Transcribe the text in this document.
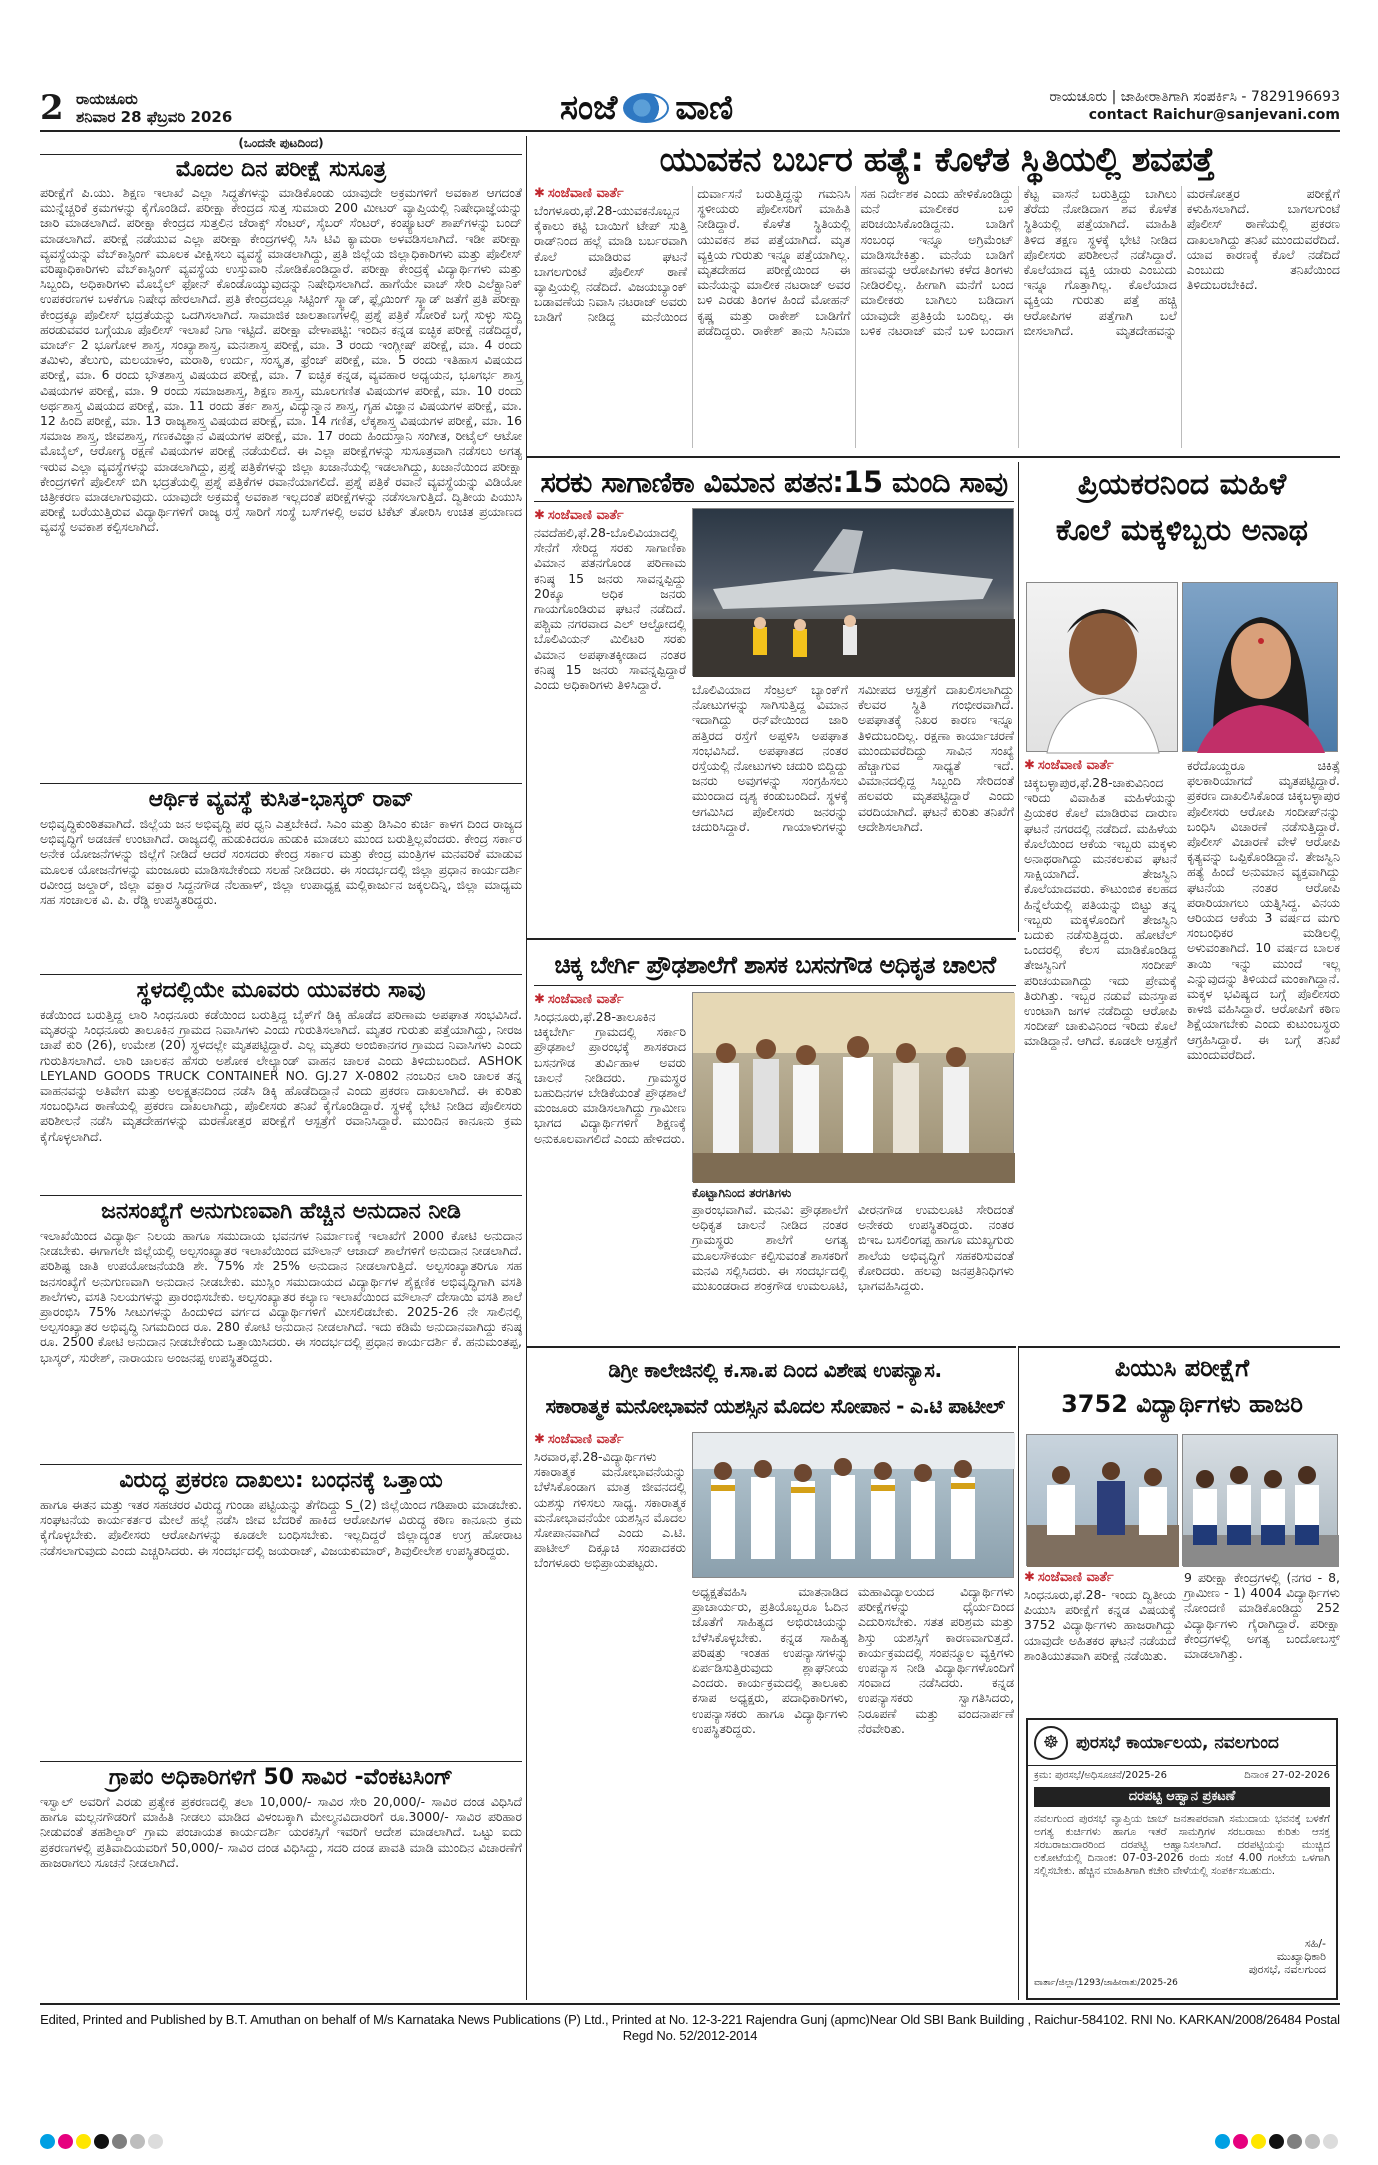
2 ರಾಯಚೂರು
ಶನಿವಾರ 28 ಫೆಬ್ರವರಿ 2026	ಸಂಜೆ ವಾಣಿ	ರಾಯಚೂರು | ಜಾಹೀರಾತಿಗಾಗಿ ಸಂಪರ್ಕಿಸಿ - 7829196693
contact Raichur@sanjevani.com
(ಒಂದನೇ ಪುಟದಿಂದ)
ಮೊದಲ ದಿನ ಪರೀಕ್ಷೆ ಸುಸೂತ್ರ
ಪರೀಕ್ಷೆಗೆ ಪಿ.ಯು. ಶಿಕ್ಷಣ ಇಲಾಖೆ ಎಲ್ಲಾ ಸಿದ್ಧತೆಗಳನ್ನು ಮಾಡಿಕೊಂಡು ಯಾವುದೇ ಅಕ್ರಮಗಳಿಗೆ ಅವಕಾಶ ಆಗದಂತೆ ಮುನ್ನೆಚ್ಚರಿಕೆ ಕ್ರಮಗಳನ್ನು ಕೈಗೊಂಡಿದೆ. ಪರೀಕ್ಷಾ ಕೇಂದ್ರದ ಸುತ್ತ ಸುಮಾರು 200 ಮೀಟರ್ ವ್ಯಾಪ್ತಿಯಲ್ಲಿ ನಿಷೇಧಾಜ್ಞೆಯನ್ನು ಜಾರಿ ಮಾಡಲಾಗಿದೆ. ಪರೀಕ್ಷಾ ಕೇಂದ್ರದ ಸುತ್ತಲಿನ ಜೆರಾಕ್ಸ್ ಸೆಂಟರ್, ಸೈಬರ್ ಸೆಂಟರ್, ಕಂಪ್ಯೂಟರ್ ಶಾಪ್‌ಗಳನ್ನು ಬಂದ್ ಮಾಡಲಾಗಿದೆ. ಪರೀಕ್ಷೆ ನಡೆಯುವ ಎಲ್ಲಾ ಪರೀಕ್ಷಾ ಕೇಂದ್ರಗಳಲ್ಲಿ ಸಿಸಿ ಟಿವಿ ಕ್ಯಾಮರಾ ಅಳವಡಿಸಲಾಗಿದೆ. ಇಡೀ ಪರೀಕ್ಷಾ ವ್ಯವಸ್ಥೆಯನ್ನು ವೆಬ್‌ಕಾಸ್ಟಿಂಗ್ ಮೂಲಕ ವೀಕ್ಷಿಸಲು ವ್ಯವಸ್ಥೆ ಮಾಡಲಾಗಿದ್ದು, ಪ್ರತಿ ಜಿಲ್ಲೆಯ ಜಿಲ್ಲಾಧಿಕಾರಿಗಳು ಮತ್ತು ಪೊಲೀಸ್ ವರಿಷ್ಠಾಧಿಕಾರಿಗಳು ವೆಬ್‌ಕಾಸ್ಟಿಂಗ್ ವ್ಯವಸ್ಥೆಯ ಉಸ್ತುವಾರಿ ನೋಡಿಕೊಂಡಿದ್ದಾರೆ. ಪರೀಕ್ಷಾ ಕೇಂದ್ರಕ್ಕೆ ವಿದ್ಯಾರ್ಥಿಗಳು ಮತ್ತು ಸಿಬ್ಬಂದಿ, ಅಧಿಕಾರಿಗಳು ಮೊಬೈಲ್ ಫೋನ್ ಕೊಂಡೊಯ್ಯುವುದನ್ನು ನಿಷೇಧಿಸಲಾಗಿದೆ. ಹಾಗೆಯೇ ವಾಚ್ ಸೇರಿ ಎಲೆಕ್ಟ್ರಾನಿಕ್ ಉಪಕರಣಗಳ ಬಳಕೆಗೂ ನಿಷೇಧ ಹೇರಲಾಗಿದೆ. ಪ್ರತಿ ಕೇಂದ್ರದಲ್ಲೂ ಸಿಟ್ಟಿಂಗ್ ಸ್ಕ್ವಾಡ್, ಫ್ಲೈಯಿಂಗ್ ಸ್ಕ್ವಾಡ್ ಜತೆಗೆ ಪ್ರತಿ ಪರೀಕ್ಷಾ ಕೇಂದ್ರಕ್ಕೂ ಪೊಲೀಸ್ ಭದ್ರತೆಯನ್ನು ಒದಗಿಸಲಾಗಿದೆ. ಸಾಮಾಜಿಕ ಜಾಲತಾಣಗಳಲ್ಲಿ ಪ್ರಶ್ನೆ ಪತ್ರಿಕೆ ಸೋರಿಕೆ ಬಗ್ಗೆ ಸುಳ್ಳು ಸುದ್ದಿ ಹರಡುವವರ ಬಗ್ಗೆಯೂ ಪೊಲೀಸ್ ಇಲಾಖೆ ನಿಗಾ ಇಟ್ಟಿದೆ. ಪರೀಕ್ಷಾ ವೇಳಾಪಟ್ಟಿ: ಇಂದಿನ ಕನ್ನಡ ಐಚ್ಛಿಕ ಪರೀಕ್ಷೆ ನಡೆದಿದ್ದರೆ, ಮಾರ್ಚ್ 2 ಭೂಗೋಳ ಶಾಸ್ತ್ರ, ಸಂಖ್ಯಾಶಾಸ್ತ್ರ, ಮನಃಶಾಸ್ತ್ರ ಪರೀಕ್ಷೆ, ಮಾ. 3 ರಂದು ಇಂಗ್ಲೀಷ್ ಪರೀಕ್ಷೆ, ಮಾ. 4 ರಂದು ತಮಿಳು, ತೆಲುಗು, ಮಲಯಾಳಂ, ಮರಾಠಿ, ಉರ್ದು, ಸಂಸ್ಕೃತ, ಫ್ರೆಂಚ್ ಪರೀಕ್ಷೆ, ಮಾ. 5 ರಂದು ಇತಿಹಾಸ ವಿಷಯದ ಪರೀಕ್ಷೆ, ಮಾ. 6 ರಂದು ಭೌತಶಾಸ್ತ್ರ ವಿಷಯದ ಪರೀಕ್ಷೆ, ಮಾ. 7 ಐಚ್ಛಿಕ ಕನ್ನಡ, ವ್ಯವಹಾರ ಅಧ್ಯಯನ, ಭೂಗರ್ಭ ಶಾಸ್ತ್ರ ವಿಷಯಗಳ ಪರೀಕ್ಷೆ, ಮಾ. 9 ರಂದು ಸಮಾಜಶಾಸ್ತ್ರ, ಶಿಕ್ಷಣ ಶಾಸ್ತ್ರ, ಮೂಲಗಣಿತ ವಿಷಯಗಳ ಪರೀಕ್ಷೆ, ಮಾ. 10 ರಂದು ಅರ್ಥಶಾಸ್ತ್ರ ವಿಷಯದ ಪರೀಕ್ಷೆ, ಮಾ. 11 ರಂದು ತರ್ಕ ಶಾಸ್ತ್ರ, ವಿದ್ಯುನ್ಮಾನ ಶಾಸ್ತ್ರ, ಗೃಹ ವಿಜ್ಞಾನ ವಿಷಯಗಳ ಪರೀಕ್ಷೆ, ಮಾ. 12 ಹಿಂದಿ ಪರೀಕ್ಷೆ, ಮಾ. 13 ರಾಜ್ಯಶಾಸ್ತ್ರ ವಿಷಯದ ಪರೀಕ್ಷೆ, ಮಾ. 14 ಗಣಿತ, ಲೆಕ್ಕಶಾಸ್ತ್ರ ವಿಷಯಗಳ ಪರೀಕ್ಷೆ, ಮಾ. 16 ಸಮಾಜ ಶಾಸ್ತ್ರ, ಜೀವಶಾಸ್ತ್ರ, ಗಣಕವಿಜ್ಞಾನ ವಿಷಯಗಳ ಪರೀಕ್ಷೆ, ಮಾ. 17 ರಂದು ಹಿಂದುಸ್ತಾನಿ ಸಂಗೀತ, ರೀಟೈಲ್ ಆಟೋ ಮೊಬೈಲ್, ಆರೋಗ್ಯ ರಕ್ಷಣೆ ವಿಷಯಗಳ ಪರೀಕ್ಷೆ ನಡೆಯಲಿದೆ. ಈ ಎಲ್ಲಾ ಪರೀಕ್ಷೆಗಳನ್ನು ಸುಸೂತ್ರವಾಗಿ ನಡೆಸಲು ಅಗತ್ಯ ಇರುವ ಎಲ್ಲಾ ವ್ಯವಸ್ಥೆಗಳನ್ನು ಮಾಡಲಾಗಿದ್ದು, ಪ್ರಶ್ನೆ ಪತ್ರಿಕೆಗಳನ್ನು ಜಿಲ್ಲಾ ಖಜಾನೆಯಲ್ಲಿ ಇಡಲಾಗಿದ್ದು, ಖಜಾನೆಯಿಂದ ಪರೀಕ್ಷಾ ಕೇಂದ್ರಗಳಿಗೆ ಪೊಲೀಸ್ ಬಿಗಿ ಭದ್ರತೆಯಲ್ಲಿ ಪ್ರಶ್ನೆ ಪತ್ರಿಕೆಗಳ ರವಾನೆಯಾಗಲಿದೆ. ಪ್ರಶ್ನೆ ಪತ್ರಿಕೆ ರವಾನೆ ವ್ಯವಸ್ಥೆಯನ್ನು ವಿಡಿಯೋ ಚಿತ್ರೀಕರಣ ಮಾಡಲಾಗುವುದು. ಯಾವುದೇ ಅಕ್ರಮಕ್ಕೆ ಅವಕಾಶ ಇಲ್ಲದಂತೆ ಪರೀಕ್ಷೆಗಳನ್ನು ನಡೆಸಲಾಗುತ್ತಿದೆ. ದ್ವಿತೀಯ ಪಿಯುಸಿ ಪರೀಕ್ಷೆ ಬರೆಯುತ್ತಿರುವ ವಿದ್ಯಾರ್ಥಿಗಳಿಗೆ ರಾಜ್ಯ ರಸ್ತೆ ಸಾರಿಗೆ ಸಂಸ್ಥೆ ಬಸ್‌ಗಳಲ್ಲಿ ಅವರ ಟಿಕೆಟ್ ತೋರಿಸಿ ಉಚಿತ ಪ್ರಯಾಣದ ವ್ಯವಸ್ಥೆ ಅವಕಾಶ ಕಲ್ಪಿಸಲಾಗಿದೆ.
ಆರ್ಥಿಕ ವ್ಯವಸ್ಥೆ ಕುಸಿತ-ಭಾಸ್ಕರ್ ರಾವ್
ಅಭಿವೃದ್ಧಿಕುಂಠಿತವಾಗಿದೆ. ಜಿಲ್ಲೆಯ ಜನ ಅಭಿವೃದ್ಧಿ ಪರ ಧ್ವನಿ ಎತ್ತಬೇಕಿದೆ. ಸಿಎಂ ಮತ್ತು ಡಿಸಿಎಂ ಕುರ್ಚಿ ಕಾಳಗ ದಿಂದ ರಾಜ್ಯದ ಅಭಿವೃದ್ಧಿಗೆ ಅಡಚಣೆ ಉಂಟಾಗಿದೆ. ರಾಜ್ಯದಲ್ಲಿ ಹುಡುಕಿದರೂ ಹುಡುಕಿ ಮಾಡಲು ಮುಂದ ಬರುತ್ತಿಲ್ಲವೆಂದರು. ಕೇಂದ್ರ ಸರ್ಕಾರ ಅನೇಕ ಯೋಜನೆಗಳನ್ನು ಜಿಲ್ಲೆಗೆ ನೀಡಿದೆ ಆದರೆ ಸಂಸದರು ಕೇಂದ್ರ ಸರ್ಕಾರ ಮತ್ತು ಕೇಂದ್ರ ಮಂತ್ರಿಗಳ ಮನವರಿಕೆ ಮಾಡುವ ಮೂಲಕ ಯೋಜನೆಗಳನ್ನು ಮಂಜೂರು ಮಾಡಿಸಬೇಕೆಂದು ಸಲಹೆ ನೀಡಿದರು. ಈ ಸಂದರ್ಭದಲ್ಲಿ ಜಿಲ್ಲಾ ಪ್ರಧಾನ ಕಾರ್ಯದರ್ಶಿ ರವೀಂದ್ರ ಜಲ್ದಾರ್, ಜಿಲ್ಲಾ ವಕ್ತಾರ ಸಿದ್ದನಗೌಡ ನೆಲಹಾಳ್, ಜಿಲ್ಲಾ ಉಪಾಧ್ಯಕ್ಷ ಮಲ್ಲಿಕಾರ್ಜುನ ಜಕ್ಕಲದಿನ್ನಿ, ಜಿಲ್ಲಾ ಮಾಧ್ಯಮ ಸಹ ಸಂಚಾಲಕ ವಿ. ಪಿ. ರೆಡ್ಡಿ ಉಪಸ್ಥಿತರಿದ್ದರು.
ಸ್ಥಳದಲ್ಲಿಯೇ ಮೂವರು ಯುವಕರು ಸಾವು
ಕಡೆಯಿಂದ ಬರುತ್ತಿದ್ದ ಲಾರಿ ಸಿಂಧನೂರು ಕಡೆಯಿಂದ ಬರುತ್ತಿದ್ದ ಬೈಕ್‌ಗೆ ಡಿಕ್ಕಿ ಹೊಡೆದ ಪರಿಣಾಮ ಅಪಘಾತ ಸಂಭವಿಸಿದೆ. ಮೃತರನ್ನು ಸಿಂಧನೂರು ತಾಲೂಕಿನ ಗ್ರಾಮದ ನಿವಾಸಿಗಳು ಎಂದು ಗುರುತಿಸಲಾಗಿದೆ. ಮೃತರ ಗುರುತು ಪತ್ತೆಯಾಗಿದ್ದು, ನೀರಜ ಚಾಪೆ ಕುರಿ (26), ಉಮೇಶ (20) ಸ್ಥಳದಲ್ಲೇ ಮೃತಪಟ್ಟಿದ್ದಾರೆ. ಎಲ್ಲ ಮೃತರು ಅಂಬಿಕಾನಗರ ಗ್ರಾಮದ ನಿವಾಸಿಗಳು ಎಂದು ಗುರುತಿಸಲಾಗಿದೆ. ಲಾರಿ ಚಾಲಕನ ಹೆಸರು ಅಶೋಕ ಲೇಲ್ಯಾಂಡ್ ವಾಹನ ಚಾಲಕ ಎಂದು ತಿಳಿದುಬಂದಿದೆ. ASHOK LEYLAND GOODS TRUCK CONTAINER NO. GJ.27 X-0802 ನಂಬರಿನ ಲಾರಿ ಚಾಲಕ ತನ್ನ ವಾಹನವನ್ನು ಅತಿವೇಗ ಮತ್ತು ಅಲಕ್ಷ್ಯತನದಿಂದ ನಡೆಸಿ ಡಿಕ್ಕಿ ಹೊಡೆದಿದ್ದಾನೆ ಎಂದು ಪ್ರಕರಣ ದಾಖಲಾಗಿದೆ. ಈ ಕುರಿತು ಸಂಬಂಧಿಸಿದ ಠಾಣೆಯಲ್ಲಿ ಪ್ರಕರಣ ದಾಖಲಾಗಿದ್ದು, ಪೊಲೀಸರು ತನಿಖೆ ಕೈಗೊಂಡಿದ್ದಾರೆ. ಸ್ಥಳಕ್ಕೆ ಭೇಟಿ ನೀಡಿದ ಪೊಲೀಸರು ಪರಿಶೀಲನೆ ನಡೆಸಿ ಮೃತದೇಹಗಳನ್ನು ಮರಣೋತ್ತರ ಪರೀಕ್ಷೆಗೆ ಆಸ್ಪತ್ರೆಗೆ ರವಾನಿಸಿದ್ದಾರೆ. ಮುಂದಿನ ಕಾನೂನು ಕ್ರಮ ಕೈಗೊಳ್ಳಲಾಗಿದೆ.
ಜನಸಂಖ್ಯೆಗೆ ಅನುಗುಣವಾಗಿ ಹೆಚ್ಚಿನ ಅನುದಾನ ನೀಡಿ
ಇಲಾಖೆಯಿಂದ ವಿದ್ಯಾರ್ಥಿ ನಿಲಯ ಹಾಗೂ ಸಮುದಾಯ ಭವನಗಳ ನಿರ್ಮಾಣಕ್ಕೆ ಇಲಾಖೆಗೆ 2000 ಕೋಟಿ ಅನುದಾನ ನೀಡಬೇಕು. ಈಗಾಗಲೇ ಜಿಲ್ಲೆಯಲ್ಲಿ ಅಲ್ಪಸಂಖ್ಯಾತರ ಇಲಾಖೆಯಿಂದ ಮೌಲಾನ್ ಆಜಾದ್ ಶಾಲೆಗಳಿಗೆ ಅನುದಾನ ನೀಡಲಾಗಿದೆ. ಪರಿಶಿಷ್ಟ ಜಾತಿ ಉಪಯೋಜನೆಯಡಿ ಶೇ. 75% ಸೇ 25% ಅನುದಾನ ನೀಡಲಾಗುತ್ತಿದೆ. ಅಲ್ಪಸಂಖ್ಯಾತರಿಗೂ ಸಹ ಜನಸಂಖ್ಯೆಗೆ ಅನುಗುಣವಾಗಿ ಅನುದಾನ ನೀಡಬೇಕು. ಮುಸ್ಲಿಂ ಸಮುದಾಯದ ವಿದ್ಯಾರ್ಥಿಗಳ ಶೈಕ್ಷಣಿಕ ಅಭಿವೃದ್ಧಿಗಾಗಿ ವಸತಿ ಶಾಲೆಗಳು, ವಸತಿ ನಿಲಯಗಳನ್ನು ಪ್ರಾರಂಭಿಸಬೇಕು. ಅಲ್ಪಸಂಖ್ಯಾತರ ಕಲ್ಯಾಣ ಇಲಾಖೆಯಿಂದ ಮೌಲಾನ್ ದೇಸಾಯಿ ವಸತಿ ಶಾಲೆ ಪ್ರಾರಂಭಿಸಿ 75% ಸೀಟುಗಳನ್ನು ಹಿಂದುಳಿದ ವರ್ಗದ ವಿದ್ಯಾರ್ಥಿಗಳಿಗೆ ಮೀಸಲಿಡಬೇಕು. 2025-26 ನೇ ಸಾಲಿನಲ್ಲಿ ಅಲ್ಪಸಂಖ್ಯಾತರ ಅಭಿವೃದ್ಧಿ ನಿಗಮದಿಂದ ರೂ. 280 ಕೋಟಿ ಅನುದಾನ ನೀಡಲಾಗಿದೆ. ಇದು ಕಡಿಮೆ ಅನುದಾನವಾಗಿದ್ದು ಕನಿಷ್ಠ ರೂ. 2500 ಕೋಟಿ ಅನುದಾನ ನೀಡಬೇಕೆಂದು ಒತ್ತಾಯಿಸಿದರು. ಈ ಸಂದರ್ಭದಲ್ಲಿ ಪ್ರಧಾನ ಕಾರ್ಯದರ್ಶಿ ಕೆ. ಹನುಮಂತಪ್ಪ, ಭಾಸ್ಕರ್, ಸುರೇಶ್, ನಾರಾಯಣ ಅಂಜನಪ್ಪ ಉಪಸ್ಥಿತರಿದ್ದರು.
ವಿರುದ್ಧ ಪ್ರಕರಣ ದಾಖಲು: ಬಂಧನಕ್ಕೆ ಒತ್ತಾಯ
ಹಾಗೂ ಈತನ ಮತ್ತು ಇತರ ಸಹಚರರ ವಿರುದ್ಧ ಗುಂಡಾ ಪಟ್ಟಿಯನ್ನು ತೆಗೆದಿದ್ದು S_(2) ಜಿಲ್ಲೆಯಿಂದ ಗಡಿಪಾರು ಮಾಡಬೇಕು. ಸಂಘಟನೆಯ ಕಾರ್ಯಕರ್ತರ ಮೇಲೆ ಹಲ್ಲೆ ನಡೆಸಿ ಜೀವ ಬೆದರಿಕೆ ಹಾಕಿದ ಆರೋಪಿಗಳ ವಿರುದ್ಧ ಕಠಿಣ ಕಾನೂನು ಕ್ರಮ ಕೈಗೊಳ್ಳಬೇಕು. ಪೊಲೀಸರು ಆರೋಪಿಗಳನ್ನು ಕೂಡಲೇ ಬಂಧಿಸಬೇಕು. ಇಲ್ಲದಿದ್ದರೆ ಜಿಲ್ಲಾದ್ಯಂತ ಉಗ್ರ ಹೋರಾಟ ನಡೆಸಲಾಗುವುದು ಎಂದು ಎಚ್ಚರಿಸಿದರು. ಈ ಸಂದರ್ಭದಲ್ಲಿ ಜಯರಾಜ್, ವಿಜಯಕುಮಾರ್, ಶಿವುಲೀಲೇಶ ಉಪಸ್ಥಿತರಿದ್ದರು.
ಗ್ರಾಪಂ ಅಧಿಕಾರಿಗಳಿಗೆ 50 ಸಾವಿರ -ವೆಂಕಟಸಿಂಗ್
ಇಸ್ವಾಲ್ ಅವರಿಗೆ ಎರಡು ಪ್ರತ್ಯೇಕ ಪ್ರಕರಣದಲ್ಲಿ ತಲಾ 10,000/- ಸಾವಿರ ಸೇರಿ 20,000/- ಸಾವಿರ ದಂಡ ವಿಧಿಸಿದೆ ಹಾಗೂ ಮಲ್ಲನಗೌಡರಿಗೆ ಮಾಹಿತಿ ನೀಡಲು ಮಾಡಿದ ವಿಳಂಬಕ್ಕಾಗಿ ಮೇಲ್ಮನವಿದಾರರಿಗೆ ರೂ.3000/- ಸಾವಿರ ಪರಿಹಾರ ನೀಡುವಂತೆ ತಹಶಿಲ್ದಾರ್ ಗ್ರಾಮ ಪಂಚಾಯತ ಕಾರ್ಯದರ್ಶಿ ಯರಕಸ್ಸಿಗೆ ಇವರಿಗೆ ಆದೇಶ ಮಾಡಲಾಗಿದೆ. ಒಟ್ಟು ಐದು ಪ್ರಕರಣಗಳಲ್ಲಿ ಪ್ರತಿವಾದಿಯವರಿಗೆ 50,000/- ಸಾವಿರ ದಂಡ ವಿಧಿಸಿದ್ದು, ಸದರಿ ದಂಡ ಪಾವತಿ ಮಾಡಿ ಮುಂದಿನ ವಿಚಾರಣೆಗೆ ಹಾಜರಾಗಲು ಸೂಚನೆ ನೀಡಲಾಗಿದೆ.
ಯುವಕನ ಬರ್ಬರ ಹತ್ಯೆ: ಕೊಳೆತ ಸ್ಥಿತಿಯಲ್ಲಿ ಶವಪತ್ತೆ
✱ ಸಂಜೆವಾಣಿ ವಾರ್ತೆ
ಬೆಂಗಳೂರು,ಫೆ.28-ಯುವಕನೊಬ್ಬನ ಕೈಕಾಲು ಕಟ್ಟಿ ಬಾಯಿಗೆ ಟೇಪ್ ಸುತ್ತಿ ರಾಡ್‌ನಿಂದ ಹಲ್ಲೆ ಮಾಡಿ ಬರ್ಬರವಾಗಿ ಕೊಲೆ ಮಾಡಿರುವ ಘಟನೆ ಬಾಗಲಗುಂಟೆ ಪೊಲೀಸ್ ಠಾಣೆ ವ್ಯಾಪ್ತಿಯಲ್ಲಿ ನಡೆದಿದೆ. ವಿಜಯಬ್ಯಾಂಕ್ ಬಡಾವಣೆಯ ನಿವಾಸಿ ನಟರಾಜ್ ಅವರು ಬಾಡಿಗೆ ನೀಡಿದ್ದ ಮನೆಯಿಂದ ದುರ್ವಾಸನೆ ಬರುತ್ತಿದ್ದನ್ನು ಗಮನಿಸಿ ಸ್ಥಳೀಯರು ಪೊಲೀಸರಿಗೆ ಮಾಹಿತಿ ನೀಡಿದ್ದಾರೆ. ಕೊಳೆತ ಸ್ಥಿತಿಯಲ್ಲಿ ಯುವಕನ ಶವ ಪತ್ತೆಯಾಗಿದೆ. ಮೃತ ವ್ಯಕ್ತಿಯ ಗುರುತು ಇನ್ನೂ ಪತ್ತೆಯಾಗಿಲ್ಲ. ಮೃತದೇಹದ ಪರೀಕ್ಷೆಯಿಂದ ಈ ಮನೆಯನ್ನು ಮಾಲೀಕ ನಟರಾಜ್ ಅವರ ಬಳಿ ಎರಡು ತಿಂಗಳ ಹಿಂದೆ ಮೋಹನ್ ಕೃಷ್ಣ ಮತ್ತು ರಾಕೇಶ್ ಬಾಡಿಗೆಗೆ ಪಡೆದಿದ್ದರು. ರಾಕೇಶ್ ತಾನು ಸಿನಿಮಾ ಸಹ ನಿರ್ದೇಶಕ ಎಂದು ಹೇಳಿಕೊಂಡಿದ್ದು ಮನೆ ಮಾಲೀಕರ ಬಳಿ ಪರಿಚಯಿಸಿಕೊಂಡಿದ್ದನು. ಬಾಡಿಗೆ ಸಂಬಂಧ ಇನ್ನೂ ಅಗ್ರಿಮೆಂಟ್ ಮಾಡಿಸಬೇಕಿತ್ತು. ಮನೆಯ ಬಾಡಿಗೆ ಹಣವನ್ನು ಆರೋಪಿಗಳು ಕಳೆದ ತಿಂಗಳು ನೀಡಿರಲಿಲ್ಲ. ಹೀಗಾಗಿ ಮನೆಗೆ ಬಂದ ಮಾಲೀಕರು ಬಾಗಿಲು ಬಡಿದಾಗ ಯಾವುದೇ ಪ್ರತಿಕ್ರಿಯೆ ಬಂದಿಲ್ಲ. ಈ ಬಳಿಕ ನಟರಾಜ್ ಮನೆ ಬಳಿ ಬಂದಾಗ ಕೆಟ್ಟ ವಾಸನೆ ಬರುತ್ತಿದ್ದು ಬಾಗಿಲು ತೆರೆದು ನೋಡಿದಾಗ ಶವ ಕೊಳೆತ ಸ್ಥಿತಿಯಲ್ಲಿ ಪತ್ತೆಯಾಗಿದೆ. ಮಾಹಿತಿ ತಿಳಿದ ತಕ್ಷಣ ಸ್ಥಳಕ್ಕೆ ಭೇಟಿ ನೀಡಿದ ಪೊಲೀಸರು ಪರಿಶೀಲನೆ ನಡೆಸಿದ್ದಾರೆ. ಕೊಲೆಯಾದ ವ್ಯಕ್ತಿ ಯಾರು ಎಂಬುದು ಇನ್ನೂ ಗೊತ್ತಾಗಿಲ್ಲ. ಕೊಲೆಯಾದ ವ್ಯಕ್ತಿಯ ಗುರುತು ಪತ್ತೆ ಹಚ್ಚಿ ಆರೋಪಿಗಳ ಪತ್ತೆಗಾಗಿ ಬಲೆ ಬೀಸಲಾಗಿದೆ. ಮೃತದೇಹವನ್ನು ಮರಣೋತ್ತರ ಪರೀಕ್ಷೆಗೆ ಕಳುಹಿಸಲಾಗಿದೆ. ಬಾಗಲಗುಂಟೆ ಪೊಲೀಸ್ ಠಾಣೆಯಲ್ಲಿ ಪ್ರಕರಣ ದಾಖಲಾಗಿದ್ದು ತನಿಖೆ ಮುಂದುವರೆದಿದೆ. ಯಾವ ಕಾರಣಕ್ಕೆ ಕೊಲೆ ನಡೆದಿದೆ ಎಂಬುದು ತನಿಖೆಯಿಂದ ತಿಳಿದುಬರಬೇಕಿದೆ.
ಸರಕು ಸಾಗಾಣಿಕಾ ವಿಮಾನ ಪತನ:15 ಮಂದಿ ಸಾವು
✱ ಸಂಜೆವಾಣಿ ವಾರ್ತೆ
ನವದೆಹಲಿ,ಫೆ.28-ಬೊಲಿವಿಯಾದಲ್ಲಿ ಸೇನೆಗೆ ಸೇರಿದ್ದ ಸರಕು ಸಾಗಾಣಿಕಾ ವಿಮಾನ ಪತನಗೊಂಡ ಪರಿಣಾಮ ಕನಿಷ್ಠ 15 ಜನರು ಸಾವನ್ನಪ್ಪಿದ್ದು 20ಕ್ಕೂ ಅಧಿಕ ಜನರು ಗಾಯಗೊಂಡಿರುವ ಘಟನೆ ನಡೆದಿದೆ. ಪಶ್ಚಿಮ ನಗರವಾದ ಎಲ್ ಆಲ್ಟೋದಲ್ಲಿ ಬೊಲಿವಿಯನ್ ಮಿಲಿಟರಿ ಸರಕು ವಿಮಾನ ಅಪಘಾತಕ್ಕೀಡಾದ ನಂತರ ಕನಿಷ್ಠ 15 ಜನರು ಸಾವನ್ನಪ್ಪಿದ್ದಾರೆ ಎಂದು ಅಧಿಕಾರಿಗಳು ತಿಳಿಸಿದ್ದಾರೆ.	ಬೊಲಿವಿಯಾದ ಸೆಂಟ್ರಲ್ ಬ್ಯಾಂಕ್‌ಗೆ ನೋಟುಗಳನ್ನು ಸಾಗಿಸುತ್ತಿದ್ದ ವಿಮಾನ ಇದಾಗಿದ್ದು ರನ್‌ವೇಯಿಂದ ಜಾರಿ ಹತ್ತಿರದ ರಸ್ತೆಗೆ ಅಪ್ಪಳಿಸಿ ಅಪಘಾತ ಸಂಭವಿಸಿದೆ. ಅಪಘಾತದ ನಂತರ ರಸ್ತೆಯಲ್ಲಿ ನೋಟುಗಳು ಚದುರಿ ಬಿದ್ದಿದ್ದು ಜನರು ಅವುಗಳನ್ನು ಸಂಗ್ರಹಿಸಲು ಮುಂದಾದ ದೃಶ್ಯ ಕಂಡುಬಂದಿದೆ. ಸ್ಥಳಕ್ಕೆ ಆಗಮಿಸಿದ ಪೊಲೀಸರು ಜನರನ್ನು ಚದುರಿಸಿದ್ದಾರೆ. ಗಾಯಾಳುಗಳನ್ನು ಸಮೀಪದ ಆಸ್ಪತ್ರೆಗೆ ದಾಖಲಿಸಲಾಗಿದ್ದು ಕೆಲವರ ಸ್ಥಿತಿ ಗಂಭೀರವಾಗಿದೆ. ಅಪಘಾತಕ್ಕೆ ನಿಖರ ಕಾರಣ ಇನ್ನೂ ತಿಳಿದುಬಂದಿಲ್ಲ. ರಕ್ಷಣಾ ಕಾರ್ಯಾಚರಣೆ ಮುಂದುವರೆದಿದ್ದು ಸಾವಿನ ಸಂಖ್ಯೆ ಹೆಚ್ಚಾಗುವ ಸಾಧ್ಯತೆ ಇದೆ. ವಿಮಾನದಲ್ಲಿದ್ದ ಸಿಬ್ಬಂದಿ ಸೇರಿದಂತೆ ಹಲವರು ಮೃತಪಟ್ಟಿದ್ದಾರೆ ಎಂದು ವರದಿಯಾಗಿದೆ. ಘಟನೆ ಕುರಿತು ತನಿಖೆಗೆ ಆದೇಶಿಸಲಾಗಿದೆ.
ಪ್ರಿಯಕರನಿಂದ ಮಹಿಳೆ
ಕೊಲೆ ಮಕ್ಕಳಿಬ್ಬರು ಅನಾಥ
✱ ಸಂಜೆವಾಣಿ ವಾರ್ತೆ
ಚಿಕ್ಕಬಳ್ಳಾಪುರ,ಫೆ.28-ಚಾಕುವಿನಿಂದ ಇರಿದು ವಿವಾಹಿತ ಮಹಿಳೆಯನ್ನು ಪ್ರಿಯಕರ ಕೊಲೆ ಮಾಡಿರುವ ದಾರುಣ ಘಟನೆ ನಗರದಲ್ಲಿ ನಡೆದಿದೆ. ಮಹಿಳೆಯ ಕೊಲೆಯಿಂದ ಆಕೆಯ ಇಬ್ಬರು ಮಕ್ಕಳು ಅನಾಥರಾಗಿದ್ದು ಮನಕಲಕುವ ಘಟನೆ ಸಾಕ್ಷಿಯಾಗಿದೆ. ತೇಜಸ್ವಿನಿ ಕೊಲೆಯಾದವರು. ಕೌಟುಂಬಿಕ ಕಲಹದ ಹಿನ್ನೆಲೆಯಲ್ಲಿ ಪತಿಯನ್ನು ಬಿಟ್ಟು ತನ್ನ ಇಬ್ಬರು ಮಕ್ಕಳೊಂದಿಗೆ ತೇಜಸ್ವಿನಿ ಬದುಕು ನಡೆಸುತ್ತಿದ್ದರು. ಹೋಟೆಲ್ ಒಂದರಲ್ಲಿ ಕೆಲಸ ಮಾಡಿಕೊಂಡಿದ್ದ ತೇಜಸ್ವಿನಿಗೆ ಸಂದೀಪ್ ಪರಿಚಯವಾಗಿದ್ದು ಇದು ಪ್ರೇಮಕ್ಕೆ ತಿರುಗಿತ್ತು. ಇಬ್ಬರ ನಡುವೆ ಮನಸ್ತಾಪ ಉಂಟಾಗಿ ಜಗಳ ನಡೆದಿದ್ದು ಆರೋಪಿ ಸಂದೀಪ್ ಚಾಕುವಿನಿಂದ ಇರಿದು ಕೊಲೆ ಮಾಡಿದ್ದಾನೆ. ಆಗಿದೆ. ಕೂಡಲೇ ಆಸ್ಪತ್ರೆಗೆ ಕರೆದೊಯ್ದರೂ ಚಿಕಿತ್ಸೆ ಫಲಕಾರಿಯಾಗದೆ ಮೃತಪಟ್ಟಿದ್ದಾರೆ. ಪ್ರಕರಣ ದಾಖಲಿಸಿಕೊಂಡ ಚಿಕ್ಕಬಳ್ಳಾಪುರ ಪೊಲೀಸರು ಆರೋಪಿ ಸಂದೀಪ್‌ನನ್ನು ಬಂಧಿಸಿ ವಿಚಾರಣೆ ನಡೆಸುತ್ತಿದ್ದಾರೆ. ಪೊಲೀಸ್ ವಿಚಾರಣೆ ವೇಳೆ ಆರೋಪಿ ಕೃತ್ಯವನ್ನು ಒಪ್ಪಿಕೊಂಡಿದ್ದಾನೆ. ತೇಜಸ್ವಿನಿ ಹತ್ಯೆ ಹಿಂದೆ ಅನುಮಾನ ವ್ಯಕ್ತವಾಗಿದ್ದು ಘಟನೆಯ ನಂತರ ಆರೋಪಿ ಪರಾರಿಯಾಗಲು ಯತ್ನಿಸಿದ್ದ. ವಿನಯ ಆರಿಯದ ಆಕೆಯ 3 ವರ್ಷದ ಮಗು ಸಂಬಂಧಿಕರ ಮಡಿಲಲ್ಲಿ ಅಳುವಂತಾಗಿದೆ. 10 ವರ್ಷದ ಬಾಲಕ ತಾಯಿ ಇನ್ನು ಮುಂದೆ ಇಲ್ಲ ಎನ್ನುವುದನ್ನು ತಿಳಿಯದೆ ಮಂಕಾಗಿದ್ದಾನೆ. ಮಕ್ಕಳ ಭವಿಷ್ಯದ ಬಗ್ಗೆ ಪೊಲೀಸರು ಕಾಳಜಿ ವಹಿಸಿದ್ದಾರೆ. ಆರೋಪಿಗೆ ಕಠಿಣ ಶಿಕ್ಷೆಯಾಗಬೇಕು ಎಂದು ಕುಟುಂಬಸ್ಥರು ಆಗ್ರಹಿಸಿದ್ದಾರೆ. ಈ ಬಗ್ಗೆ ತನಿಖೆ ಮುಂದುವರೆದಿದೆ.
ಚಿಕ್ಕ ಬೇರ್ಗಿ ಪ್ರೌಢಶಾಲೆಗೆ ಶಾಸಕ ಬಸನಗೌಡ ಅಧಿಕೃತ ಚಾಲನೆ
✱ ಸಂಜೆವಾಣಿ ವಾರ್ತೆ
ಸಿಂಧನೂರು,ಫೆ.28-ತಾಲೂಕಿನ ಚಿಕ್ಕಬೇರ್ಗಿ ಗ್ರಾಮದಲ್ಲಿ ಸರ್ಕಾರಿ ಪ್ರೌಢಶಾಲೆ ಪ್ರಾರಂಭಕ್ಕೆ ಶಾಸಕರಾದ ಬಸನಗೌಡ ತುರ್ವಿಹಾಳ ಅವರು ಚಾಲನೆ ನೀಡಿದರು. ಗ್ರಾಮಸ್ಥರ ಬಹುದಿನಗಳ ಬೇಡಿಕೆಯಂತೆ ಪ್ರೌಢಶಾಲೆ ಮಂಜೂರು ಮಾಡಿಸಲಾಗಿದ್ದು ಗ್ರಾಮೀಣ ಭಾಗದ ವಿದ್ಯಾರ್ಥಿಗಳಿಗೆ ಶಿಕ್ಷಣಕ್ಕೆ ಅನುಕೂಲವಾಗಲಿದೆ ಎಂದು ಹೇಳಿದರು.
ಕೊಟ್ಟಾಗಿನಿಂದ ತರಗತಿಗಳು
ಪ್ರಾರಂಭವಾಗಿವೆ. ಮನವಿ: ಪ್ರೌಢಶಾಲೆಗೆ ಅಧಿಕೃತ ಚಾಲನೆ ನೀಡಿದ ನಂತರ ಗ್ರಾಮಸ್ಥರು ಶಾಲೆಗೆ ಅಗತ್ಯ ಮೂಲಸೌಕರ್ಯ ಕಲ್ಪಿಸುವಂತೆ ಶಾಸಕರಿಗೆ ಮನವಿ ಸಲ್ಲಿಸಿದರು. ಈ ಸಂದರ್ಭದಲ್ಲಿ ಮುಖಂಡರಾದ ಶಂಕ್ರಗೌಡ ಉಮಲೂಟಿ, ವೀರನಗೌಡ ಉಮಲೂಟಿ ಸೇರಿದಂತೆ ಅನೇಕರು ಉಪಸ್ಥಿತರಿದ್ದರು. ನಂತರ ಬಿಇಒ ಬಸಲಿಂಗಪ್ಪ ಹಾಗೂ ಮುಖ್ಯಗುರು ಶಾಲೆಯ ಅಭಿವೃದ್ಧಿಗೆ ಸಹಕರಿಸುವಂತೆ ಕೋರಿದರು. ಹಲವು ಜನಪ್ರತಿನಿಧಿಗಳು ಭಾಗವಹಿಸಿದ್ದರು.
ಡಿಗ್ರೀ ಕಾಲೇಜಿನಲ್ಲಿ ಕ.ಸಾ.ಪ ದಿಂದ ವಿಶೇಷ ಉಪನ್ಯಾಸ.
ಸಕಾರಾತ್ಮಕ ಮನೋಭಾವನೆ ಯಶಸ್ಸಿನ ಮೊದಲ ಸೋಪಾನ - ಎ.ಟಿ ಪಾಟೀಲ್
✱ ಸಂಜೆವಾಣಿ ವಾರ್ತೆ
ಸಿರವಾರ,ಫೆ.28-ವಿದ್ಯಾರ್ಥಿಗಳು ಸಕಾರಾತ್ಮಕ ಮನೋಭಾವನೆಯನ್ನು ಬೆಳೆಸಿಕೊಂಡಾಗ ಮಾತ್ರ ಜೀವನದಲ್ಲಿ ಯಶಸ್ಸು ಗಳಿಸಲು ಸಾಧ್ಯ. ಸಕಾರಾತ್ಮಕ ಮನೋಭಾವನೆಯೇ ಯಶಸ್ಸಿನ ಮೊದಲ ಸೋಪಾನವಾಗಿದೆ ಎಂದು ಎ.ಟಿ. ಪಾಟೀಲ್ ದಿಕ್ಸೂಚಿ ಸಂಪಾದಕರು ಬೆಂಗಳೂರು ಅಭಿಪ್ರಾಯಪಟ್ಟರು.
ಅಧ್ಯಕ್ಷತೆವಹಿಸಿ ಮಾತನಾಡಿದ ಪ್ರಾಚಾರ್ಯರು, ಪ್ರತಿಯೊಬ್ಬರೂ ಓದಿನ ಜೊತೆಗೆ ಸಾಹಿತ್ಯದ ಅಭಿರುಚಿಯನ್ನು ಬೆಳೆಸಿಕೊಳ್ಳಬೇಕು. ಕನ್ನಡ ಸಾಹಿತ್ಯ ಪರಿಷತ್ತು ಇಂತಹ ಉಪನ್ಯಾಸಗಳನ್ನು ಏರ್ಪಡಿಸುತ್ತಿರುವುದು ಶ್ಲಾಘನೀಯ ಎಂದರು. ಕಾರ್ಯಕ್ರಮದಲ್ಲಿ ತಾಲೂಕು ಕಸಾಪ ಅಧ್ಯಕ್ಷರು, ಪದಾಧಿಕಾರಿಗಳು, ಉಪನ್ಯಾಸಕರು ಹಾಗೂ ವಿದ್ಯಾರ್ಥಿಗಳು ಉಪಸ್ಥಿತರಿದ್ದರು.
ಮಹಾವಿದ್ಯಾಲಯದ ವಿದ್ಯಾರ್ಥಿಗಳು ಪರೀಕ್ಷೆಗಳನ್ನು ಧೈರ್ಯದಿಂದ ಎದುರಿಸಬೇಕು. ಸತತ ಪರಿಶ್ರಮ ಮತ್ತು ಶಿಸ್ತು ಯಶಸ್ಸಿಗೆ ಕಾರಣವಾಗುತ್ತದೆ. ಕಾರ್ಯಕ್ರಮದಲ್ಲಿ ಸಂಪನ್ಮೂಲ ವ್ಯಕ್ತಿಗಳು ಉಪನ್ಯಾಸ ನೀಡಿ ವಿದ್ಯಾರ್ಥಿಗಳೊಂದಿಗೆ ಸಂವಾದ ನಡೆಸಿದರು. ಕನ್ನಡ ಉಪನ್ಯಾಸಕರು ಸ್ವಾಗತಿಸಿದರು, ನಿರೂಪಣೆ ಮತ್ತು ವಂದನಾರ್ಪಣೆ ನೆರವೇರಿತು.
ಪಿಯುಸಿ ಪರೀಕ್ಷೆಗೆ
3752 ವಿದ್ಯಾರ್ಥಿಗಳು ಹಾಜರಿ
✱ ಸಂಜೆವಾಣಿ ವಾರ್ತೆ
ಸಿಂಧನೂರು,ಫೆ.28- ಇಂದು ದ್ವಿತೀಯ ಪಿಯುಸಿ ಪರೀಕ್ಷೆಗೆ ಕನ್ನಡ ವಿಷಯಕ್ಕೆ 3752 ವಿದ್ಯಾರ್ಥಿಗಳು ಹಾಜರಾಗಿದ್ದು ಯಾವುದೇ ಅಹಿತಕರ ಘಟನೆ ನಡೆಯದೆ ಶಾಂತಿಯುತವಾಗಿ ಪರೀಕ್ಷೆ ನಡೆಯಿತು.
9 ಪರೀಕ್ಷಾ ಕೇಂದ್ರಗಳಲ್ಲಿ (ನಗರ - 8, ಗ್ರಾಮೀಣ - 1) 4004 ವಿದ್ಯಾರ್ಥಿಗಳು ನೋಂದಣಿ ಮಾಡಿಕೊಂಡಿದ್ದು 252 ವಿದ್ಯಾರ್ಥಿಗಳು ಗೈರಾಗಿದ್ದಾರೆ. ಪರೀಕ್ಷಾ ಕೇಂದ್ರಗಳಲ್ಲಿ ಅಗತ್ಯ ಬಂದೋಬಸ್ತ್ ಮಾಡಲಾಗಿತ್ತು.
☸ ಪುರಸಭೆ ಕಾರ್ಯಾಲಯ, ನವಲಗುಂದ
ಕ್ರಮ: ಪುರಸಭೆ/ಅಧಿಸೂಚನೆ/2025-26	ದಿನಾಂಕ 27-02-2026
ದರಪಟ್ಟಿ ಆಹ್ವಾನ ಪ್ರಕಟಣೆ
ನವಲಗುಂದ ಪುರಸಭೆ ವ್ಯಾಪ್ತಿಯ ಜಾಬ್ ಜನತಾಪರವಾಗಿ ಸಮುದಾಯ ಭವನಕ್ಕೆ ಬಳಕೆಗೆ ಅಗತ್ಯ ಕುರ್ಚಿಗಳು ಹಾಗೂ ಇತರೆ ಸಾಮಗ್ರಿಗಳ ಸರಬರಾಜು ಕುರಿತು ಆಸಕ್ತ ಸರಬರಾಜುದಾರರಿಂದ ದರಪಟ್ಟಿ ಆಹ್ವಾನಿಸಲಾಗಿದೆ. ದರಪಟ್ಟಿಯನ್ನು ಮುಚ್ಚಿದ ಲಕೋಟೆಯಲ್ಲಿ ದಿನಾಂಕ: 07-03-2026 ರಂದು ಸಂಜೆ 4.00 ಗಂಟೆಯ ಒಳಗಾಗಿ ಸಲ್ಲಿಸಬೇಕು. ಹೆಚ್ಚಿನ ಮಾಹಿತಿಗಾಗಿ ಕಚೇರಿ ವೇಳೆಯಲ್ಲಿ ಸಂಪರ್ಕಿಸಬಹುದು.
ಸಹಿ/-
ಮುಖ್ಯಾಧಿಕಾರಿ
ಪುರಸಭೆ, ನವಲಗುಂದ
ವಾರ್ತಾ/ಜಿಲ್ಲಾ/1293/ಜಾಹೀರಾತು/2025-26
Edited, Printed and Published by B.T. Amuthan on behalf of M/s Karnataka News Publications (P) Ltd., Printed at No. 12-3-221 Rajendra Gunj (apmc)Near Old SBI Bank Building , Raichur-584102. RNI No. KARKAN/2008/26484 Postal Regd No. 52/2012-2014
